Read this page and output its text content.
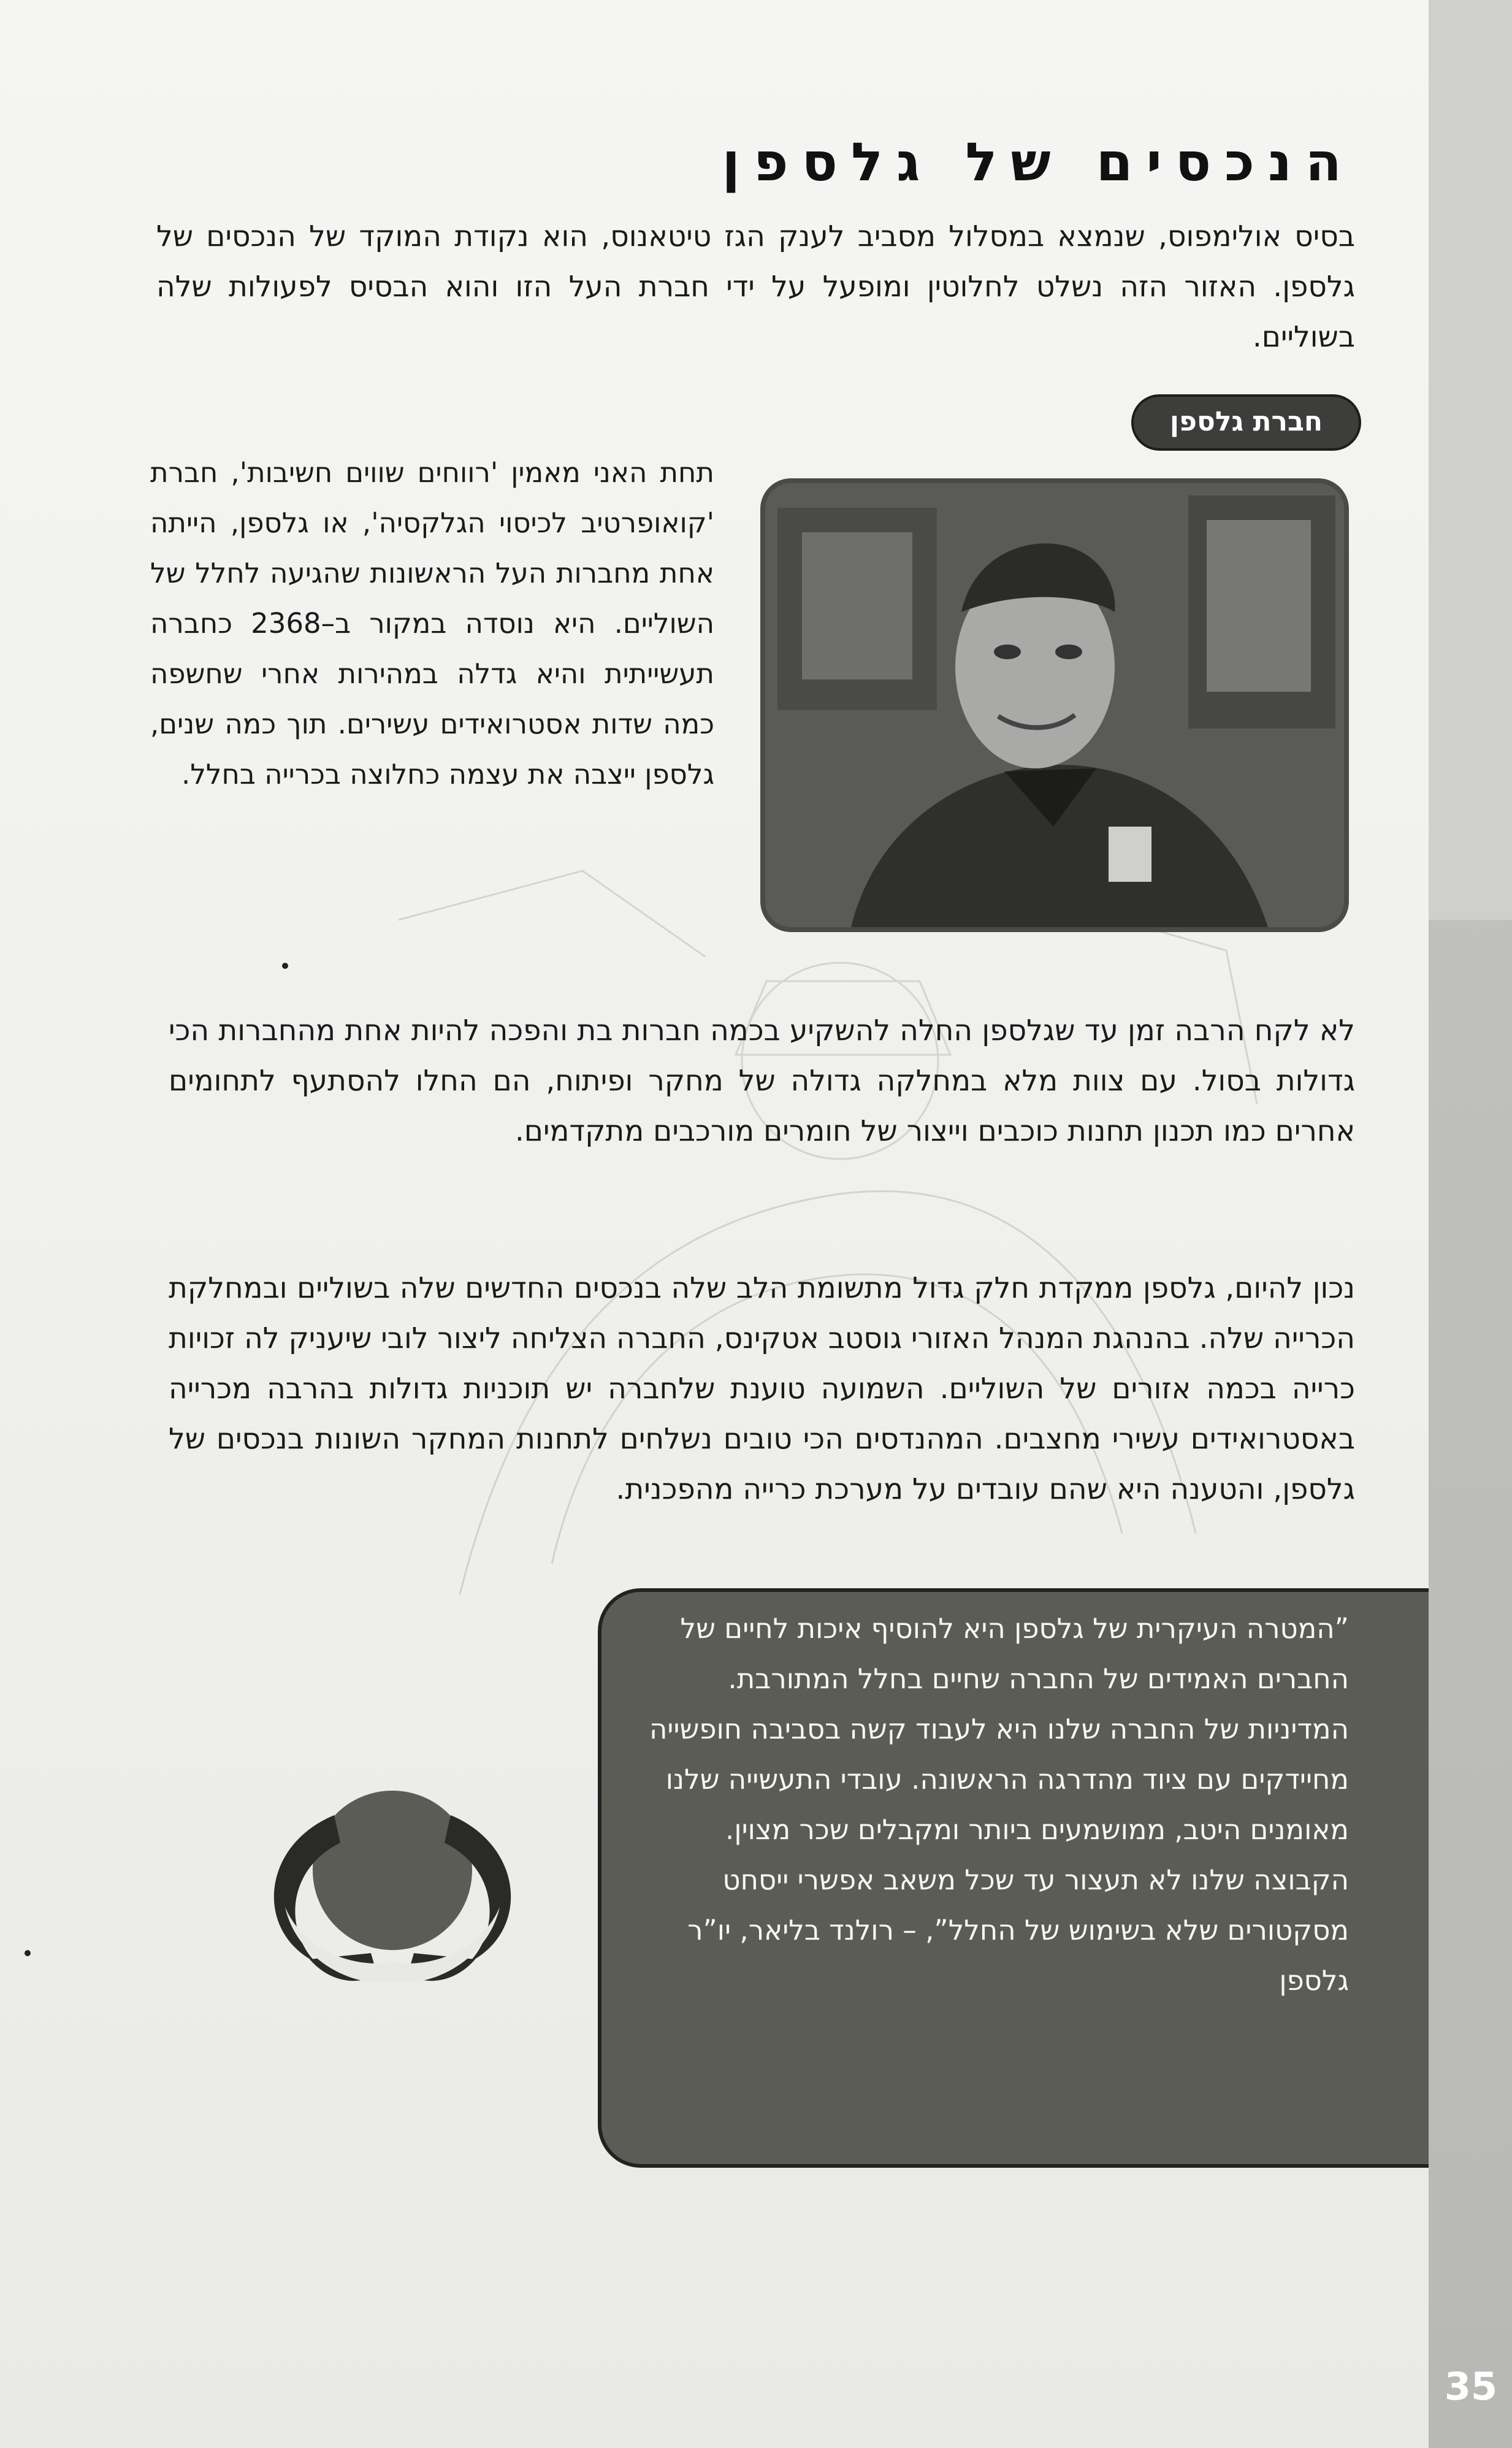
הנכסים של גלספן
בסיס אולימפוס, שנמצא במסלול מסביב לענק הגז טיטאנוס, הוא נקודת המוקד של הנכסים של גלספן. האזור הזה נשלט לחלוטין ומופעל על ידי חברת העל הזו והוא הבסיס לפעולות שלה בשוליים.
חברת גלספן
תחת האני מאמין 'רווחים שווים חשיבות', חברת 'קואופרטיב לכיסוי הגלקסיה', או גלספן, הייתה אחת מחברות העל הראשונות שהגיעה לחלל של השוליים. היא נוסדה במקור ב–2368 כחברה תעשייתית והיא גדלה במהירות אחרי שחשפה כמה שדות אסטרואידים עשירים. תוך כמה שנים, גלספן ייצבה את עצמה כחלוצה בכרייה בחלל.
לא לקח הרבה זמן עד שגלספן החלה להשקיע בכמה חברות בת והפכה להיות אחת מהחברות הכי גדולות בסול. עם צוות מלא במחלקה גדולה של מחקר ופיתוח, הם החלו להסתעף לתחומים אחרים כמו תכנון תחנות כוכבים וייצור של חומרים מורכבים מתקדמים.
נכון להיום, גלספן ממקדת חלק גדול מתשומת הלב שלה בנכסים החדשים שלה בשוליים ובמחלקת הכרייה שלה. בהנהגת המנהל האזורי גוסטב אטקינס, החברה הצליחה ליצור לובי שיעניק לה זכויות כרייה בכמה אזורים של השוליים. השמועה טוענת שלחברה יש תוכניות גדולות בהרבה מכרייה באסטרואידים עשירי מחצבים. המהנדסים הכי טובים נשלחים לתחנות המחקר השונות בנכסים של גלספן, והטענה היא שהם עובדים על מערכת כרייה מהפכנית.
”המטרה העיקרית של גלספן היא להוסיף איכות לחיים של החברים האמידים של החברה שחיים בחלל המתורבת. המדיניות של החברה שלנו היא לעבוד קשה בסביבה חופשייה מחיידקים עם ציוד מהדרגה הראשונה. עובדי התעשייה שלנו מאומנים היטב, ממושמעים ביותר ומקבלים שכר מצוין. הקבוצה שלנו לא תעצור עד שכל משאב אפשרי ייסחט מסקטורים שלא בשימוש של החלל”, – רולנד בליאר, יו”ר גלספן
35
